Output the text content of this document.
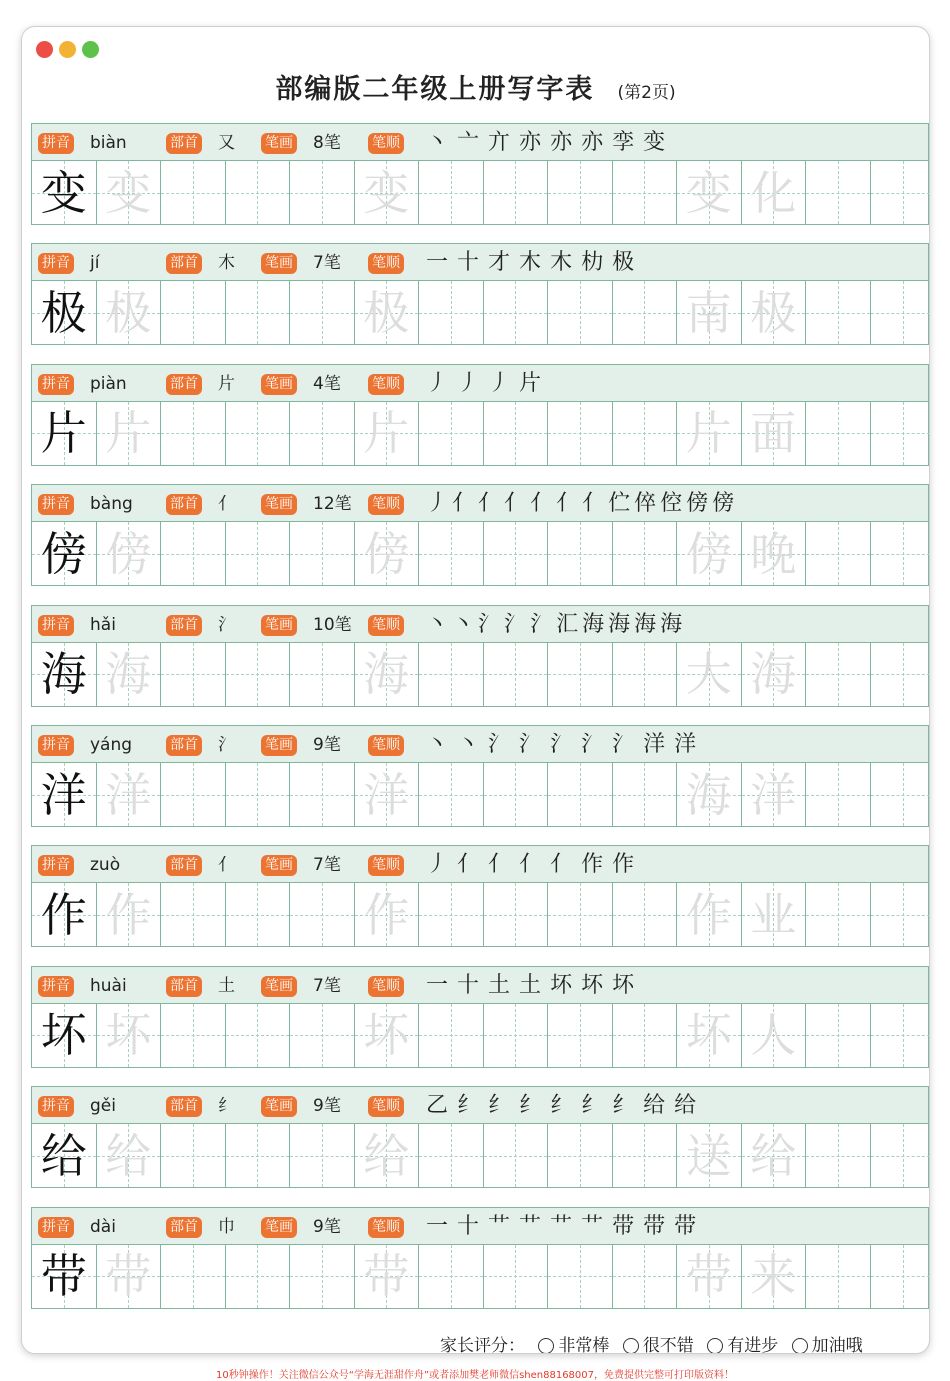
部编版二年级上册写字表 (第2页)
拼音 biàn	部首 又 笔画 8笔 笔顺 丶 亠 亣 亦 亦 亦 孪 变
变 变	变	变 化
拼音 jí	部首 木 笔画 7笔 笔顺 一 十 才 木 木 朸 极
极 极	极	南 极
拼音 piàn	部首 片 笔画 4笔 笔顺 丿 丿 丿 片
片 片	片	片 面
拼音 bàng	部首 亻 笔画 12笔 笔顺 丿 亻 亻 亻 亻 亻 亻 伫 倅 倥 傍 傍
傍 傍	傍	傍 晚
拼音 hǎi	部首 氵 笔画 10笔 笔顺 丶 丶 氵 氵 氵 汇 海 海 海 海
海 海	海	大 海
拼音 yáng	部首 氵 笔画 9笔 笔顺 丶 丶 氵 氵 氵 氵 氵 洋 洋
洋 洋	洋	海 洋
拼音 zuò	部首 亻 笔画 7笔 笔顺 丿 亻 亻 亻 亻 作 作
作 作	作	作 业
拼音 huài	部首 土 笔画 7笔 笔顺 一 十 土 土 坏 坏 坏
坏 坏	坏	坏 人
拼音 gěi	部首 纟 笔画 9笔 笔顺 乙 纟 纟 纟 纟 纟 纟 给 给
给 给	给	送 给
拼音 dài	部首 巾 笔画 9笔 笔顺 一 十 艹 艹 艹 艹 带 带 带
带 带	带	带 来
家长评分： 非常棒 很不错 有进步 加油哦
10秒钟操作！关注微信公众号“学海无涯甜作舟”或者添加樊老师微信shen88168007，免费提供完整可打印版资料！
